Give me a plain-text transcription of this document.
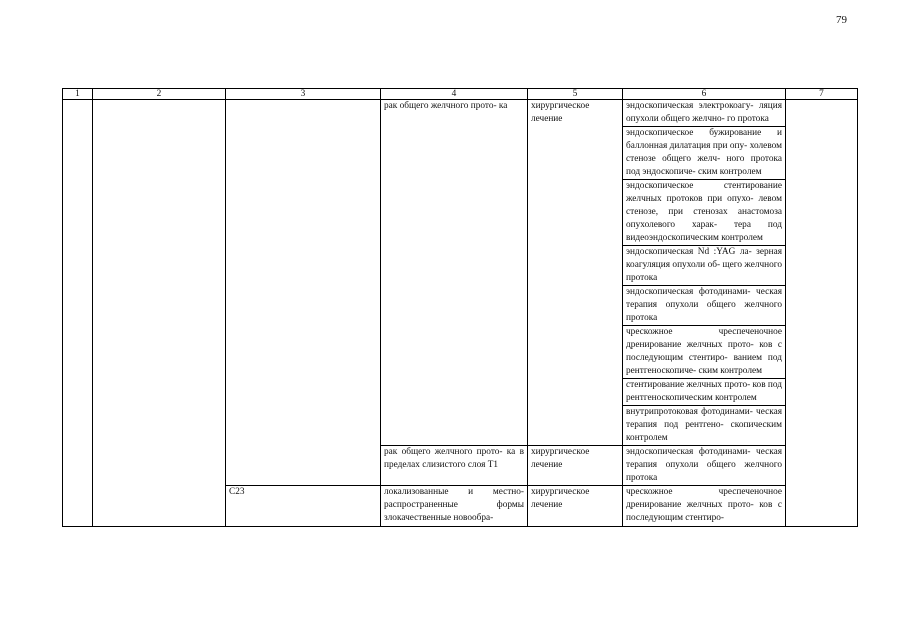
79
1	2	3	4	5	6	7
			рак общего желчного прото- ка	хирургическое лечение	эндоскопическая электрокоагу- ляция опухоли общего желчно- го протока	
					эндоскопическое бужирование и баллонная дилатация при опу- холевом стенозе общего желч- ного протока под эндоскопиче- ским контролем	
					эндоскопическое стентирование желчных протоков при опухо- левом стенозе, при стенозах анастомоза опухолевого харак- тера под видеоэндоскопическим контролем	
					эндоскопическая Nd :YAG ла- зерная коагуляция опухоли об- щего желчного протока	
					эндоскопическая фотодинами- ческая терапия опухоли общего желчного протока	
					чрескожное чреспеченочное дренирование желчных прото- ков с последующим стентиро- ванием под рентгеноскопиче- ским контролем	
					стентирование желчных прото- ков под рентгеноскопическим контролем	
					внутрипротоковая фотодинами- ческая терапия под рентгено- скопическим контролем	
			рак общего желчного прото- ка в пределах слизистого слоя T1	хирургическое лечение	эндоскопическая фотодинами- ческая терапия опухоли общего желчного протока	
		C23	локализованные и местно- распространенные формы злокачественные новообра-	хирургическое лечение	чрескожное чреспеченочное дренирование желчных прото- ков с последующим стентиро-	
